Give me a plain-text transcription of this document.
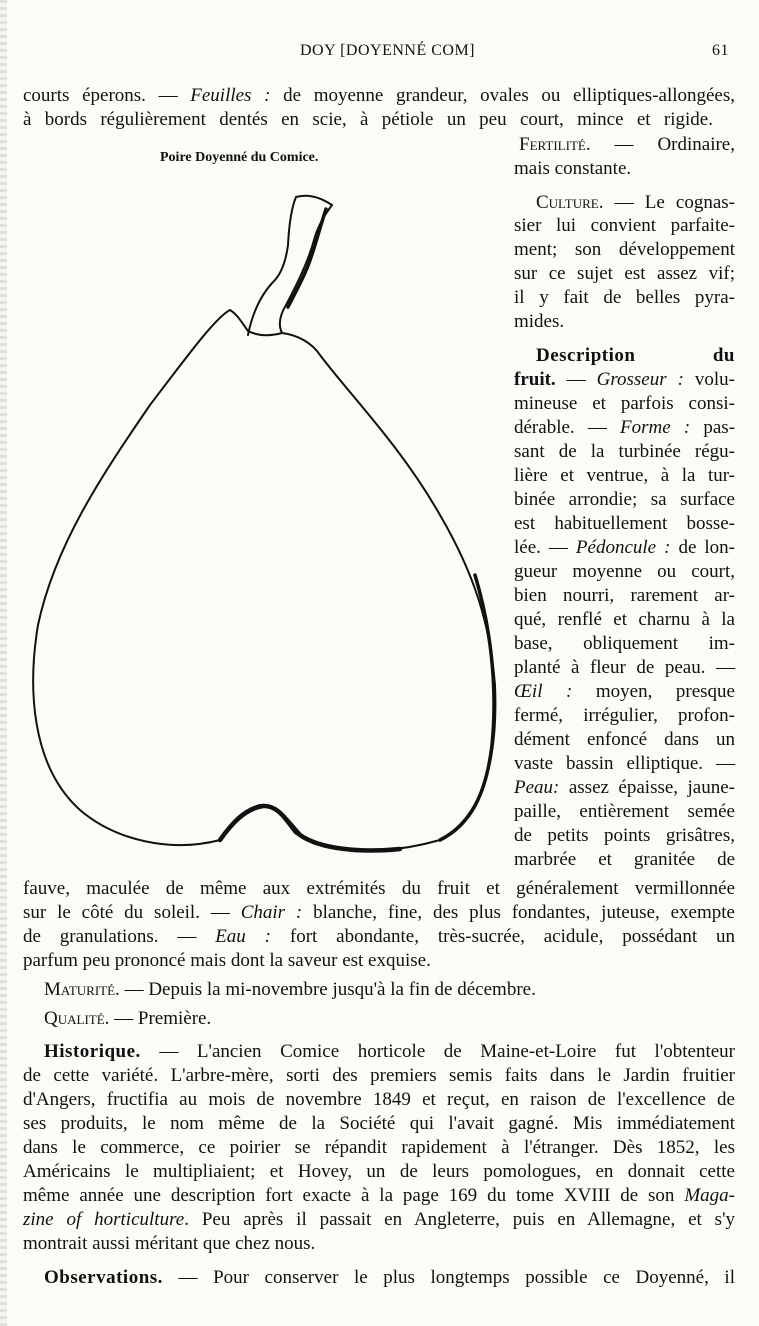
DOY [DOYENNÉ COM]	61
courts éperons. — Feuilles : de moyenne grandeur, ovales ou elliptiques-allongées,
à bords régulièrement dentés en scie, à pétiole un peu court, mince et rigide.
Poire Doyenné du Comice.
Fertilité. — Ordinaire,
mais constante.
Culture. — Le cognas-
sier lui convient parfaite-
ment; son développement
sur ce sujet est assez vif;
il y fait de belles pyra-
mides.
Description du
fruit. — Grosseur : volu-
mineuse et parfois consi-
dérable. — Forme : pas-
sant de la turbinée régu-
lière et ventrue, à la tur-
binée arrondie; sa surface
est habituellement bosse-
lée. — Pédoncule : de lon-
gueur moyenne ou court,
bien nourri, rarement ar-
qué, renflé et charnu à la
base, obliquement im-
planté à fleur de peau. —
Œil : moyen, presque
fermé, irrégulier, profon-
dément enfoncé dans un
vaste bassin elliptique. —
Peau: assez épaisse, jaune-
paille, entièrement semée
de petits points grisâtres,
marbrée et granitée de
fauve, maculée de même aux extrémités du fruit et généralement vermillonnée
sur le côté du soleil. — Chair : blanche, fine, des plus fondantes, juteuse, exempte
de granulations. — Eau : fort abondante, très-sucrée, acidule, possédant un
parfum peu prononcé mais dont la saveur est exquise.
Maturité. — Depuis la mi-novembre jusqu'à la fin de décembre.
Qualité. — Première.
Historique. — L'ancien Comice horticole de Maine-et-Loire fut l'obtenteur
de cette variété. L'arbre-mère, sorti des premiers semis faits dans le Jardin fruitier
d'Angers, fructifia au mois de novembre 1849 et reçut, en raison de l'excellence de
ses produits, le nom même de la Société qui l'avait gagné. Mis immédiatement
dans le commerce, ce poirier se répandit rapidement à l'étranger. Dès 1852, les
Américains le multipliaient; et Hovey, un de leurs pomologues, en donnait cette
même année une description fort exacte à la page 169 du tome XVIII de son Maga-
zine of horticulture. Peu après il passait en Angleterre, puis en Allemagne, et s'y
montrait aussi méritant que chez nous.
Observations. — Pour conserver le plus longtemps possible ce Doyenné, il
